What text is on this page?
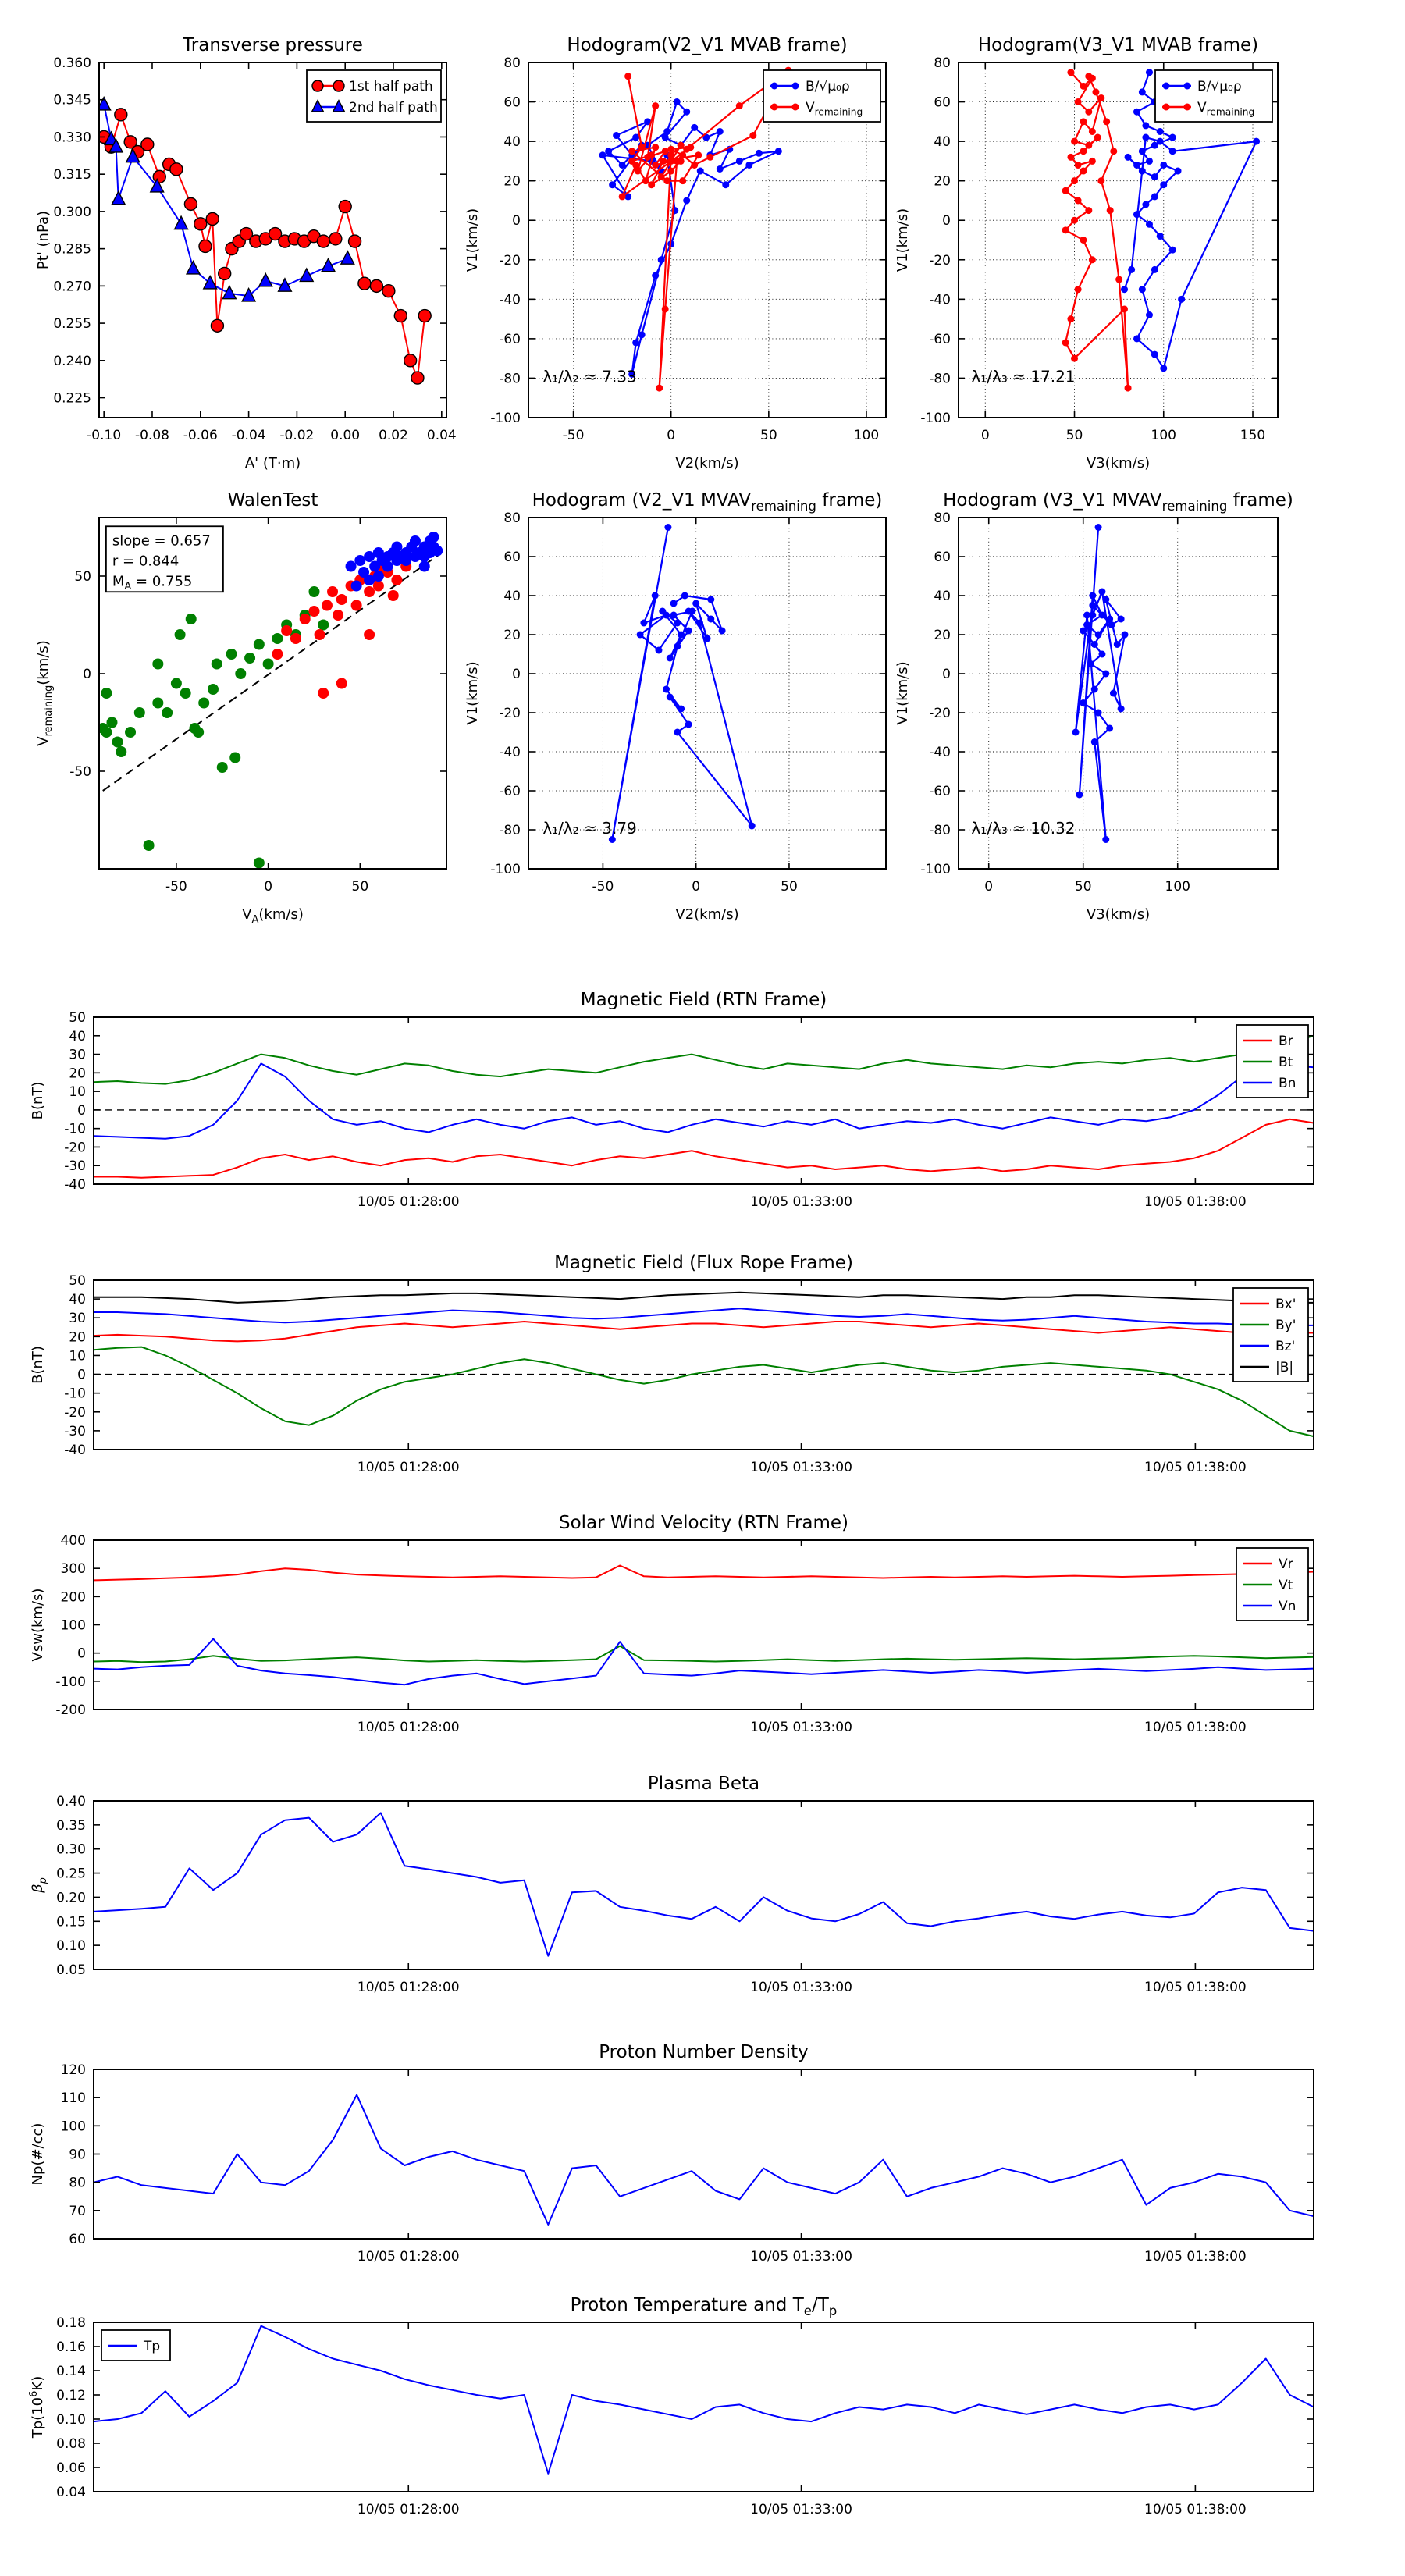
-0.10 -0.08 -0.06 -0.04 -0.02 0.00 0.02 0.04
0.225
0.240
0.255
0.270
0.285
0.300
0.315
0.330
0.345
0.360
Transverse pressure
A' (T·m)
Pt' (nPa)
1st half path
2nd half path
-50	0	50	100
-100
-80
-60
-40
-20
0
20
40
60
80
Hodogram(V2_V1 MVAB frame)
V2(km/s)
V1(km/s)
λ₁/λ₂ ≈ 7.33
B/√μ₀ρ
$V_{remaining}$
0	50	100	150
-100
-80
-60
-40
-20
0
20
40
60
80
Hodogram(V3_V1 MVAB frame)
V3(km/s)
V1(km/s)
λ₁/λ₃ ≈ 17.21
B/√μ₀ρ
$V_{remaining}$
-50	0	50
-50
0
50
WalenTest
$V_A(km/s)$
$V_{remaining}(km/s)$
slope = 0.657
r = 0.844
$M_A = 0.755$
-50	0	50
-100
-80
-60
-40
-20
0
20
40
60
80
Hodogram (V2_V1 $MVAV_{remaining}$ frame)
V2(km/s)
V1(km/s)
λ₁/λ₂ ≈ 3.79
0	50	100
-100
-80
-60
-40
-20
0
20
40
60
80
Hodogram (V3_V1 $MVAV_{remaining}$ frame)
V3(km/s)
V1(km/s)
λ₁/λ₃ ≈ 10.32
10/05 01:28:00	10/05 01:33:00	10/05 01:38:00
-40
-30
-20
-10
0
10
20
30
40
50
Magnetic Field (RTN Frame)
B(nT)
Br
Bt
Bn
10/05 01:28:00	10/05 01:33:00	10/05 01:38:00
-40
-30
-20
-10
0
10
20
30
40
50
Magnetic Field (Flux Rope Frame)
B(nT)
Bx'
By'
Bz'
|B|
10/05 01:28:00	10/05 01:33:00	10/05 01:38:00
-200
-100
0
100
200
300
400
Solar Wind Velocity (RTN Frame)
Vsw(km/s)
Vr
Vt
Vn
10/05 01:28:00	10/05 01:33:00	10/05 01:38:00
0.05
0.10
0.15
0.20
0.25
0.30
0.35
0.40
Plasma Beta
$\beta_p$
10/05 01:28:00	10/05 01:33:00	10/05 01:38:00
60
70
80
90
100
110
120
Proton Number Density
Np(#/cc)
10/05 01:28:00	10/05 01:33:00	10/05 01:38:00
0.04
0.06
0.08
0.10
0.12
0.14
0.16
0.18
Proton Temperature and $T_e/T_p$
$Tp(10^6K)$
Tp
